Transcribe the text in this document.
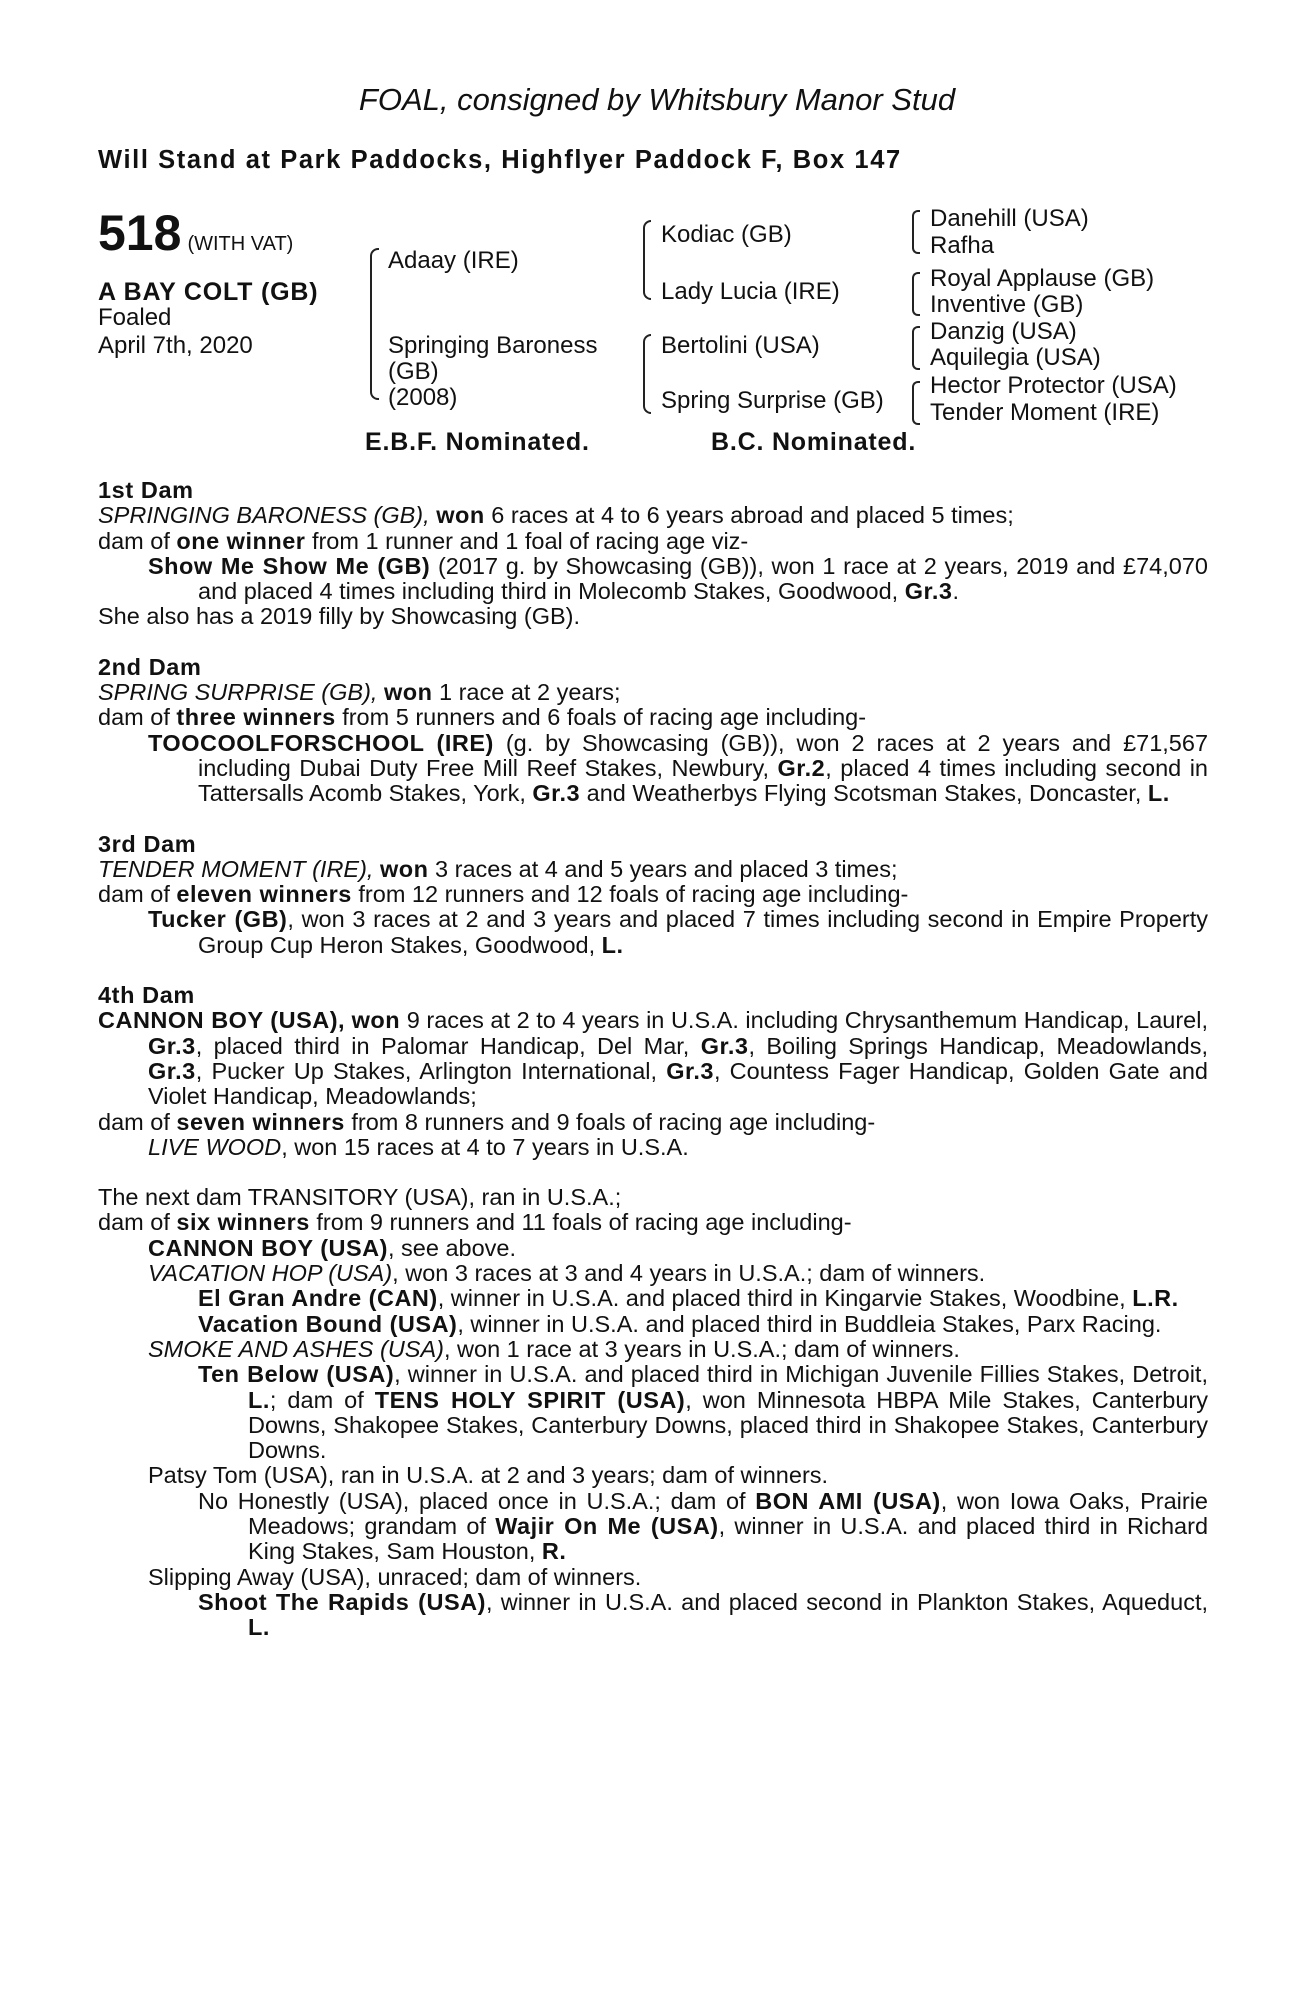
FOAL, consigned by Whitsbury Manor Stud
Will Stand at Park Paddocks, Highflyer Paddock F, Box 147
518 (WITH VAT)
A BAY COLT (GB)
Foaled
April 7th, 2020
Adaay (IRE)
Springing Baroness
(GB)
(2008)
Kodiac (GB)
Lady Lucia (IRE)
Bertolini (USA)
Spring Surprise (GB)
Danehill (USA)
Rafha
Royal Applause (GB)
Inventive (GB)
Danzig (USA)
Aquilegia (USA)
Hector Protector (USA)
Tender Moment (IRE)
E.B.F. Nominated.	B.C. Nominated.
1st Dam
SPRINGING BARONESS (GB), won 6 races at 4 to 6 years abroad and placed 5 times;
dam of one winner from 1 runner and 1 foal of racing age viz-
Show Me Show Me (GB) (2017 g. by Showcasing (GB)), won 1 race at 2 years, 2019 and £74,070 and placed 4 times including third in Molecomb Stakes, Goodwood, Gr.3.
She also has a 2019 filly by Showcasing (GB).
2nd Dam
SPRING SURPRISE (GB), won 1 race at 2 years;
dam of three winners from 5 runners and 6 foals of racing age including-
TOOCOOLFORSCHOOL (IRE) (g. by Showcasing (GB)), won 2 races at 2 years and £71,567 including Dubai Duty Free Mill Reef Stakes, Newbury, Gr.2, placed 4 times including second in Tattersalls Acomb Stakes, York, Gr.3 and Weatherbys Flying Scotsman Stakes, Doncaster, L.
3rd Dam
TENDER MOMENT (IRE), won 3 races at 4 and 5 years and placed 3 times;
dam of eleven winners from 12 runners and 12 foals of racing age including-
Tucker (GB), won 3 races at 2 and 3 years and placed 7 times including second in Empire Property Group Cup Heron Stakes, Goodwood, L.
4th Dam
CANNON BOY (USA), won 9 races at 2 to 4 years in U.S.A. including Chrysanthemum Handicap, Laurel, Gr.3, placed third in Palomar Handicap, Del Mar, Gr.3, Boiling Springs Handicap, Meadowlands, Gr.3, Pucker Up Stakes, Arlington International, Gr.3, Countess Fager Handicap, Golden Gate and Violet Handicap, Meadowlands;
dam of seven winners from 8 runners and 9 foals of racing age including-
LIVE WOOD, won 15 races at 4 to 7 years in U.S.A.
The next dam TRANSITORY (USA), ran in U.S.A.;
dam of six winners from 9 runners and 11 foals of racing age including-
CANNON BOY (USA), see above.
VACATION HOP (USA), won 3 races at 3 and 4 years in U.S.A.; dam of winners.
El Gran Andre (CAN), winner in U.S.A. and placed third in Kingarvie Stakes, Woodbine, L.R.
Vacation Bound (USA), winner in U.S.A. and placed third in Buddleia Stakes, Parx Racing.
SMOKE AND ASHES (USA), won 1 race at 3 years in U.S.A.; dam of winners.
Ten Below (USA), winner in U.S.A. and placed third in Michigan Juvenile Fillies Stakes, Detroit, L.; dam of TENS HOLY SPIRIT (USA), won Minnesota HBPA Mile Stakes, Canterbury Downs, Shakopee Stakes, Canterbury Downs, placed third in Shakopee Stakes, Canterbury Downs.
Patsy Tom (USA), ran in U.S.A. at 2 and 3 years; dam of winners.
No Honestly (USA), placed once in U.S.A.; dam of BON AMI (USA), won Iowa Oaks, Prairie Meadows; grandam of Wajir On Me (USA), winner in U.S.A. and placed third in Richard King Stakes, Sam Houston, R.
Slipping Away (USA), unraced; dam of winners.
Shoot The Rapids (USA), winner in U.S.A. and placed second in Plankton Stakes, Aqueduct, L.
